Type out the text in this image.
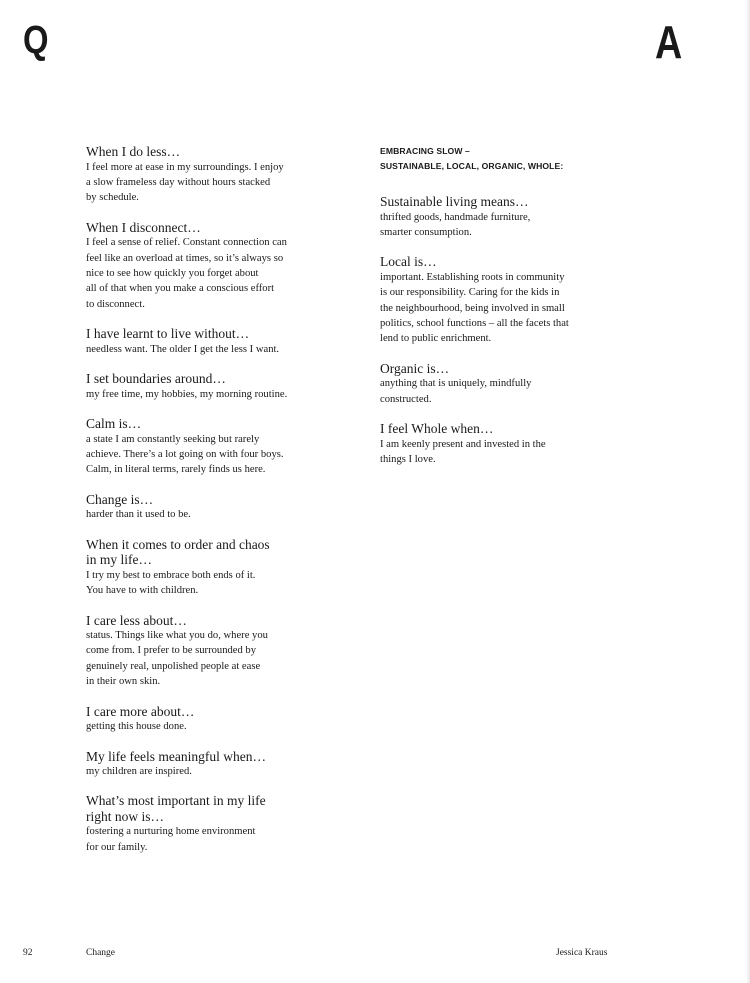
Q	A
When I do less…
I feel more at ease in my surroundings. I enjoy
a slow frameless day without hours stacked
by schedule.
When I disconnect…
I feel a sense of relief. Constant connection can
feel like an overload at times, so it’s always so
nice to see how quickly you forget about
all of that when you make a conscious effort
to disconnect.
I have learnt to live without…
needless want. The older I get the less I want.
I set boundaries around…
my free time, my hobbies, my morning routine.
Calm is…
a state I am constantly seeking but rarely
achieve. There’s a lot going on with four boys.
Calm, in literal terms, rarely finds us here.
Change is…
harder than it used to be.
When it comes to order and chaos
in my life…
I try my best to embrace both ends of it.
You have to with children.
I care less about…
status. Things like what you do, where you
come from. I prefer to be surrounded by
genuinely real, unpolished people at ease
in their own skin.
I care more about…
getting this house done.
My life feels meaningful when…
my children are inspired.
What’s most important in my life
right now is…
fostering a nurturing home environment
for our family.
EMBRACING SLOW –
SUSTAINABLE, LOCAL, ORGANIC, WHOLE:
Sustainable living means…
thrifted goods, handmade furniture,
smarter consumption.
Local is…
important. Establishing roots in community
is our responsibility. Caring for the kids in
the neighbourhood, being involved in small
politics, school functions – all the facets that
lend to public enrichment.
Organic is…
anything that is uniquely, mindfully
constructed.
I feel Whole when…
I am keenly present and invested in the
things I love.
92	Change	Jessica Kraus
